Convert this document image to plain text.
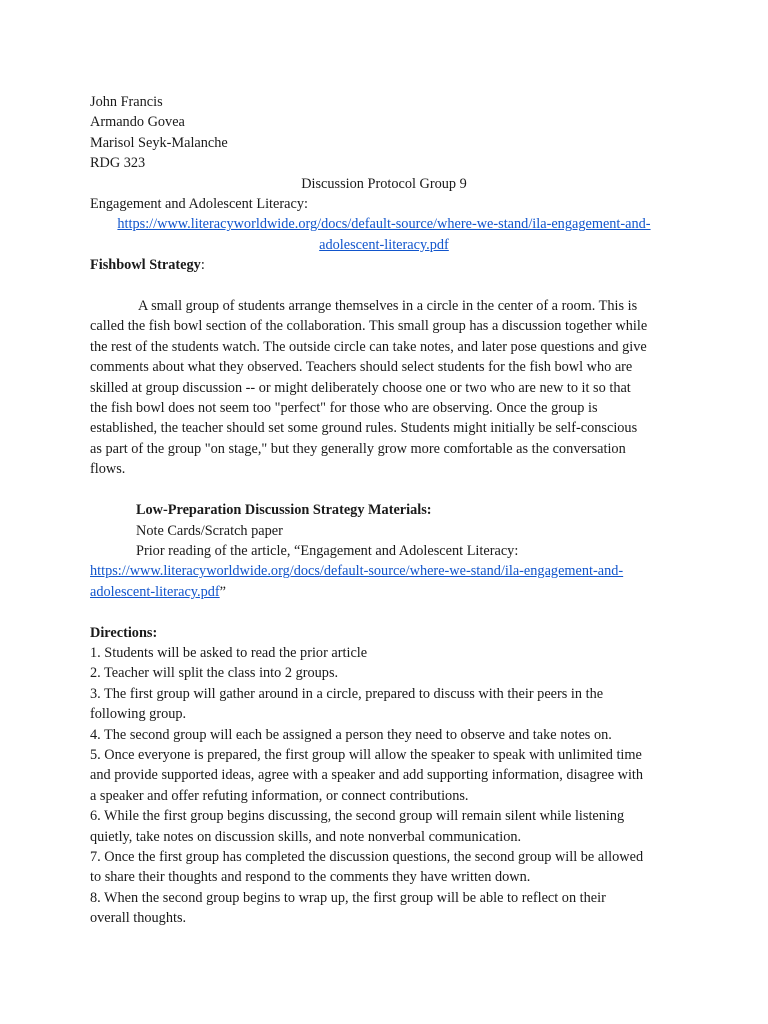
John Francis
Armando Govea
Marisol Seyk-Malanche
RDG 323
Discussion Protocol Group 9
Engagement and Adolescent Literacy:
https://www.literacyworldwide.org/docs/default-source/where-we-stand/ila-engagement-and-
adolescent-literacy.pdf
Fishbowl Strategy:
A small group of students arrange themselves in a circle in the center of a room. This is
called the fish bowl section of the collaboration. This small group has a discussion together while
the rest of the students watch. The outside circle can take notes, and later pose questions and give
comments about what they observed. Teachers should select students for the fish bowl who are
skilled at group discussion -- or might deliberately choose one or two who are new to it so that
the fish bowl does not seem too "perfect" for those who are observing. Once the group is
established, the teacher should set some ground rules. Students might initially be self-conscious
as part of the group "on stage," but they generally grow more comfortable as the conversation
flows.
Low-Preparation Discussion Strategy Materials:
Note Cards/Scratch paper
Prior reading of the article, “Engagement and Adolescent Literacy:
https://www.literacyworldwide.org/docs/default-source/where-we-stand/ila-engagement-and-
adolescent-literacy.pdf”
Directions:
1. Students will be asked to read the prior article
2. Teacher will split the class into 2 groups.
3. The first group will gather around in a circle, prepared to discuss with their peers in the
following group.
4. The second group will each be assigned a person they need to observe and take notes on.
5. Once everyone is prepared, the first group will allow the speaker to speak with unlimited time
and provide supported ideas, agree with a speaker and add supporting information, disagree with
a speaker and offer refuting information, or connect contributions.
6. While the first group begins discussing, the second group will remain silent while listening
quietly, take notes on discussion skills, and note nonverbal communication.
7. Once the first group has completed the discussion questions, the second group will be allowed
to share their thoughts and respond to the comments they have written down.
8. When the second group begins to wrap up, the first group will be able to reflect on their
overall thoughts.
